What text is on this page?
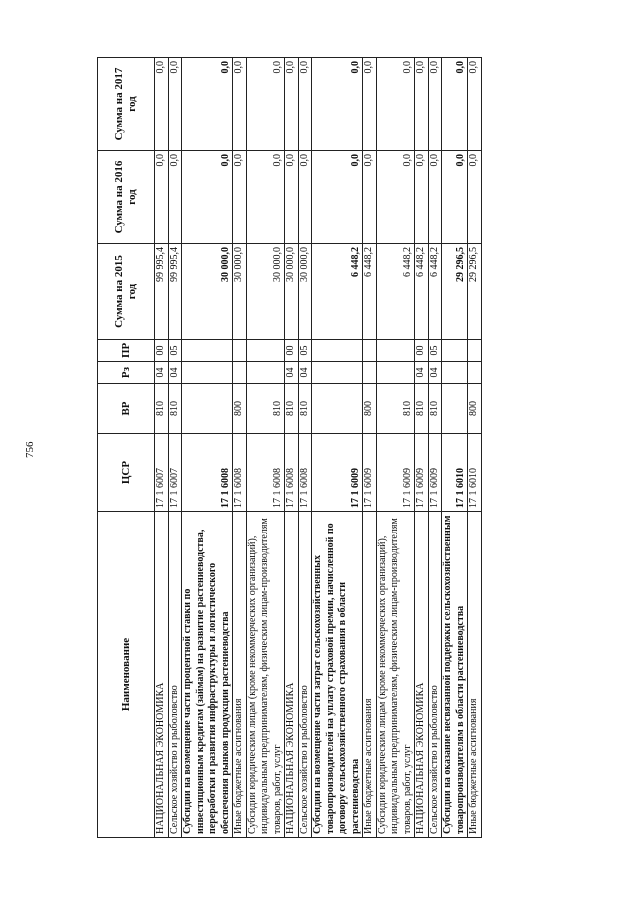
756
Наименование	ЦСР	ВР	Рз	ПР	Сумма на 2015 год	Сумма на 2016 год	Сумма на 2017 год
НАЦИОНАЛЬНАЯ ЭКОНОМИКА	17 1 6007	810	04	00	99 995,4	0,0	0,0
Сельское хозяйство и рыболовство	17 1 6007	810	04	05	99 995,4	0,0	0,0
Субсидии на возмещение части процентной ставки по инвестиционным кредитам (займам) на развитие растениеводства, переработки и развития инфраструктуры и логистического обеспечения рынков продукции растениеводства	17 1 6008				30 000,0	0,0	0,0
Иные бюджетные ассигнования	17 1 6008	800			30 000,0	0,0	0,0
Субсидии юридическим лицам (кроме некоммерческих организаций), индивидуальным предпринимателям, физическим лицам-производителям товаров, работ, услуг	17 1 6008	810			30 000,0	0,0	0,0
НАЦИОНАЛЬНАЯ ЭКОНОМИКА	17 1 6008	810	04	00	30 000,0	0,0	0,0
Сельское хозяйство и рыболовство	17 1 6008	810	04	05	30 000,0	0,0	0,0
Субсидии на возмещение части затрат сельскохозяйственных товаропроизводителей на уплату страховой премии, начисленной по договору сельскохозяйственного страхования в области растениеводства	17 1 6009				6 448,2	0,0	0,0
Иные бюджетные ассигнования	17 1 6009	800			6 448,2	0,0	0,0
Субсидии юридическим лицам (кроме некоммерческих организаций), индивидуальным предпринимателям, физическим лицам-производителям товаров, работ, услуг	17 1 6009	810			6 448,2	0,0	0,0
НАЦИОНАЛЬНАЯ ЭКОНОМИКА	17 1 6009	810	04	00	6 448,2	0,0	0,0
Сельское хозяйство и рыболовство	17 1 6009	810	04	05	6 448,2	0,0	0,0
Субсидии на оказание несвязанной поддержки сельскохозяйственным товаропроизводителям в области растениеводства	17 1 6010				29 296,5	0,0	0,0
Иные бюджетные ассигнования	17 1 6010	800			29 296,5	0,0	0,0
